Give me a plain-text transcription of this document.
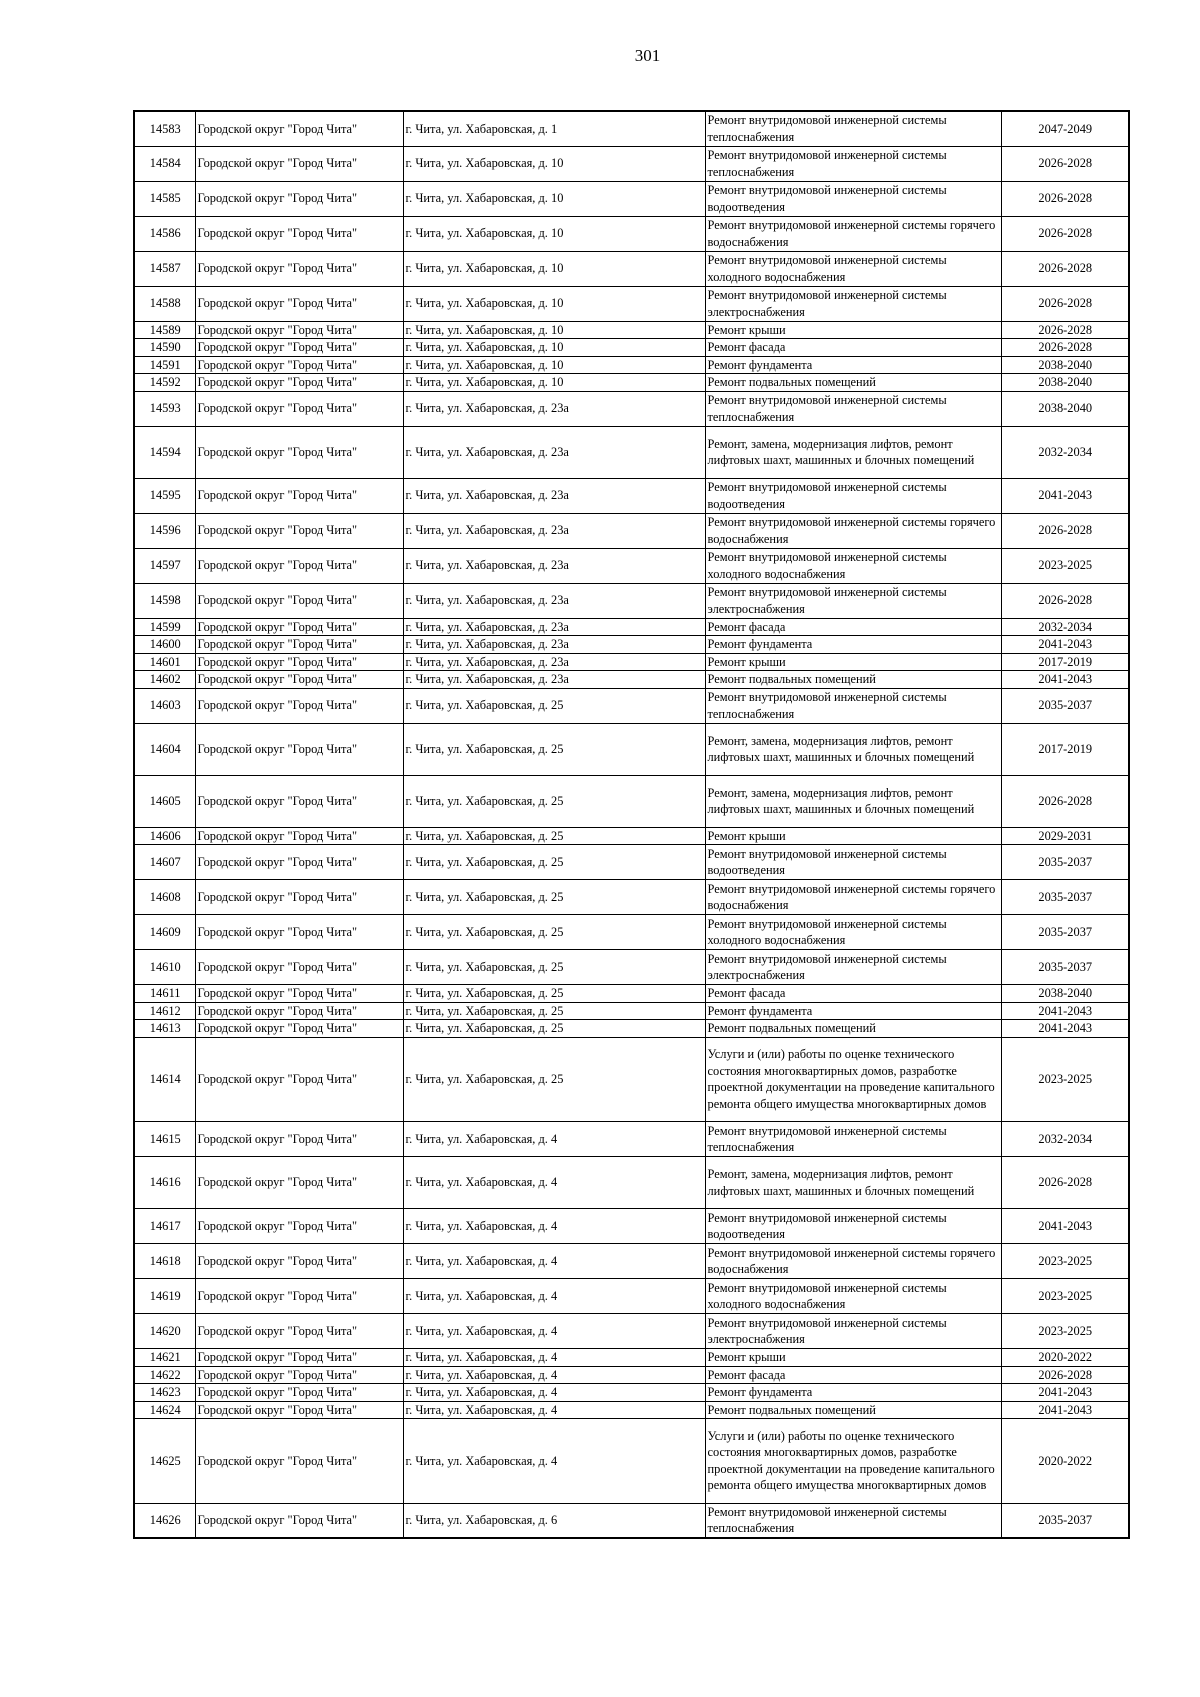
301
14583	Городской округ "Город Чита"	г. Чита, ул. Хабаровская, д. 1	Ремонт внутридомовой инженерной системы теплоснабжения	2047-2049
14584	Городской округ "Город Чита"	г. Чита, ул. Хабаровская, д. 10	Ремонт внутридомовой инженерной системы теплоснабжения	2026-2028
14585	Городской округ "Город Чита"	г. Чита, ул. Хабаровская, д. 10	Ремонт внутридомовой инженерной системы водоотведения	2026-2028
14586	Городской округ "Город Чита"	г. Чита, ул. Хабаровская, д. 10	Ремонт внутридомовой инженерной системы горячего водоснабжения	2026-2028
14587	Городской округ "Город Чита"	г. Чита, ул. Хабаровская, д. 10	Ремонт внутридомовой инженерной системы холодного водоснабжения	2026-2028
14588	Городской округ "Город Чита"	г. Чита, ул. Хабаровская, д. 10	Ремонт внутридомовой инженерной системы электроснабжения	2026-2028
14589	Городской округ "Город Чита"	г. Чита, ул. Хабаровская, д. 10	Ремонт крыши	2026-2028
14590	Городской округ "Город Чита"	г. Чита, ул. Хабаровская, д. 10	Ремонт фасада	2026-2028
14591	Городской округ "Город Чита"	г. Чита, ул. Хабаровская, д. 10	Ремонт фундамента	2038-2040
14592	Городской округ "Город Чита"	г. Чита, ул. Хабаровская, д. 10	Ремонт подвальных помещений	2038-2040
14593	Городской округ "Город Чита"	г. Чита, ул. Хабаровская, д. 23а	Ремонт внутридомовой инженерной системы теплоснабжения	2038-2040
14594	Городской округ "Город Чита"	г. Чита, ул. Хабаровская, д. 23а	Ремонт, замена, модернизация лифтов, ремонт лифтовых шахт, машинных и блочных помещений	2032-2034
14595	Городской округ "Город Чита"	г. Чита, ул. Хабаровская, д. 23а	Ремонт внутридомовой инженерной системы водоотведения	2041-2043
14596	Городской округ "Город Чита"	г. Чита, ул. Хабаровская, д. 23а	Ремонт внутридомовой инженерной системы горячего водоснабжения	2026-2028
14597	Городской округ "Город Чита"	г. Чита, ул. Хабаровская, д. 23а	Ремонт внутридомовой инженерной системы холодного водоснабжения	2023-2025
14598	Городской округ "Город Чита"	г. Чита, ул. Хабаровская, д. 23а	Ремонт внутридомовой инженерной системы электроснабжения	2026-2028
14599	Городской округ "Город Чита"	г. Чита, ул. Хабаровская, д. 23а	Ремонт фасада	2032-2034
14600	Городской округ "Город Чита"	г. Чита, ул. Хабаровская, д. 23а	Ремонт фундамента	2041-2043
14601	Городской округ "Город Чита"	г. Чита, ул. Хабаровская, д. 23а	Ремонт крыши	2017-2019
14602	Городской округ "Город Чита"	г. Чита, ул. Хабаровская, д. 23а	Ремонт подвальных помещений	2041-2043
14603	Городской округ "Город Чита"	г. Чита, ул. Хабаровская, д. 25	Ремонт внутридомовой инженерной системы теплоснабжения	2035-2037
14604	Городской округ "Город Чита"	г. Чита, ул. Хабаровская, д. 25	Ремонт, замена, модернизация лифтов, ремонт лифтовых шахт, машинных и блочных помещений	2017-2019
14605	Городской округ "Город Чита"	г. Чита, ул. Хабаровская, д. 25	Ремонт, замена, модернизация лифтов, ремонт лифтовых шахт, машинных и блочных помещений	2026-2028
14606	Городской округ "Город Чита"	г. Чита, ул. Хабаровская, д. 25	Ремонт крыши	2029-2031
14607	Городской округ "Город Чита"	г. Чита, ул. Хабаровская, д. 25	Ремонт внутридомовой инженерной системы водоотведения	2035-2037
14608	Городской округ "Город Чита"	г. Чита, ул. Хабаровская, д. 25	Ремонт внутридомовой инженерной системы горячего водоснабжения	2035-2037
14609	Городской округ "Город Чита"	г. Чита, ул. Хабаровская, д. 25	Ремонт внутридомовой инженерной системы холодного водоснабжения	2035-2037
14610	Городской округ "Город Чита"	г. Чита, ул. Хабаровская, д. 25	Ремонт внутридомовой инженерной системы электроснабжения	2035-2037
14611	Городской округ "Город Чита"	г. Чита, ул. Хабаровская, д. 25	Ремонт фасада	2038-2040
14612	Городской округ "Город Чита"	г. Чита, ул. Хабаровская, д. 25	Ремонт фундамента	2041-2043
14613	Городской округ "Город Чита"	г. Чита, ул. Хабаровская, д. 25	Ремонт подвальных помещений	2041-2043
14614	Городской округ "Город Чита"	г. Чита, ул. Хабаровская, д. 25	Услуги и (или) работы по оценке технического состояния многоквартирных домов, разработке проектной документации на проведение капитального ремонта общего имущества многоквартирных домов	2023-2025
14615	Городской округ "Город Чита"	г. Чита, ул. Хабаровская, д. 4	Ремонт внутридомовой инженерной системы теплоснабжения	2032-2034
14616	Городской округ "Город Чита"	г. Чита, ул. Хабаровская, д. 4	Ремонт, замена, модернизация лифтов, ремонт лифтовых шахт, машинных и блочных помещений	2026-2028
14617	Городской округ "Город Чита"	г. Чита, ул. Хабаровская, д. 4	Ремонт внутридомовой инженерной системы водоотведения	2041-2043
14618	Городской округ "Город Чита"	г. Чита, ул. Хабаровская, д. 4	Ремонт внутридомовой инженерной системы горячего водоснабжения	2023-2025
14619	Городской округ "Город Чита"	г. Чита, ул. Хабаровская, д. 4	Ремонт внутридомовой инженерной системы холодного водоснабжения	2023-2025
14620	Городской округ "Город Чита"	г. Чита, ул. Хабаровская, д. 4	Ремонт внутридомовой инженерной системы электроснабжения	2023-2025
14621	Городской округ "Город Чита"	г. Чита, ул. Хабаровская, д. 4	Ремонт крыши	2020-2022
14622	Городской округ "Город Чита"	г. Чита, ул. Хабаровская, д. 4	Ремонт фасада	2026-2028
14623	Городской округ "Город Чита"	г. Чита, ул. Хабаровская, д. 4	Ремонт фундамента	2041-2043
14624	Городской округ "Город Чита"	г. Чита, ул. Хабаровская, д. 4	Ремонт подвальных помещений	2041-2043
14625	Городской округ "Город Чита"	г. Чита, ул. Хабаровская, д. 4	Услуги и (или) работы по оценке технического состояния многоквартирных домов, разработке проектной документации на проведение капитального ремонта общего имущества многоквартирных домов	2020-2022
14626	Городской округ "Город Чита"	г. Чита, ул. Хабаровская, д. 6	Ремонт внутридомовой инженерной системы теплоснабжения	2035-2037
